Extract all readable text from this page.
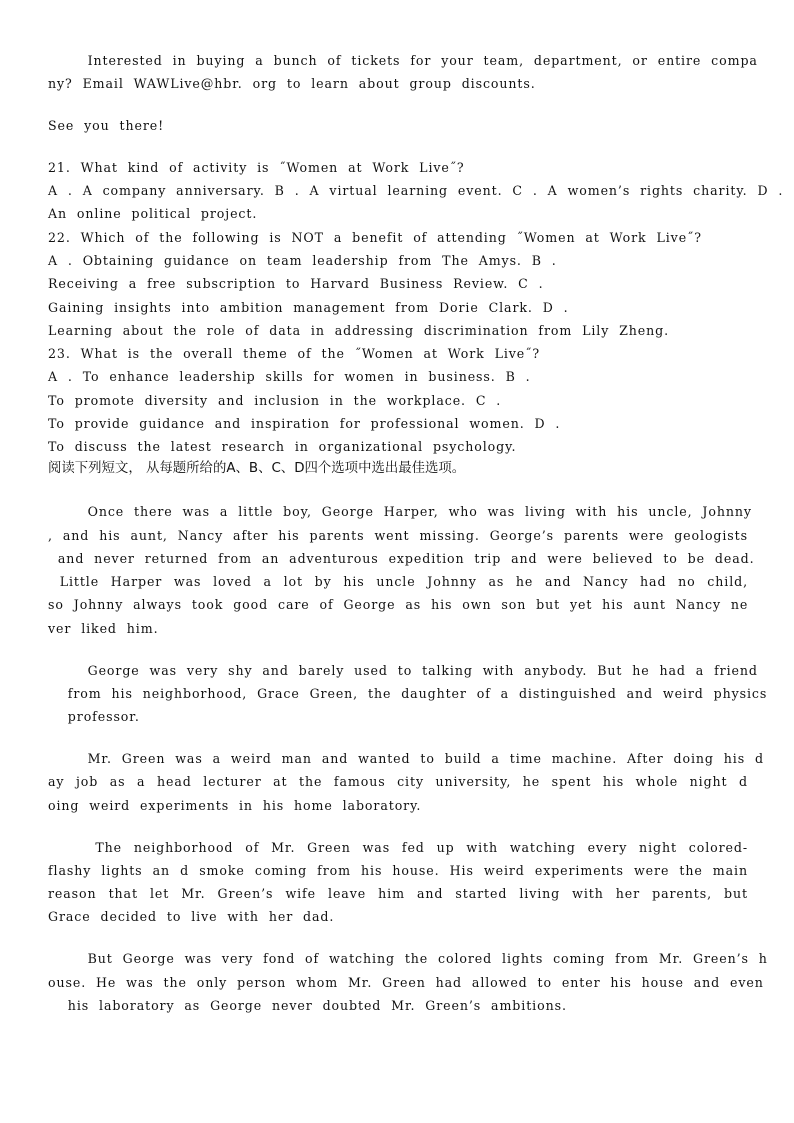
Interested in buying a bunch of tickets for your team, department, or entire compa
ny? Email WAWLive@hbr. org to learn about group discounts.
See you there!
21. What kind of activity is ˝Women at Work Live˝?
A . A company anniversary. B . A virtual learning event. C . A women’s rights charity. D .
An online political project.
22. Which of the following is NOT a benefit of attending ˝Women at Work Live˝?
A . Obtaining guidance on team leadership from The Amys. B .
Receiving a free subscription to Harvard Business Review. C .
Gaining insights into ambition management from Dorie Clark. D .
Learning about the role of data in addressing discrimination from Lily Zheng.
23. What is the overall theme of the ˝Women at Work Live˝?
A . To enhance leadership skills for women in business. B .
To promote diversity and inclusion in the workplace. C .
To provide guidance and inspiration for professional women. D .
To discuss the latest research in organizational psychology.
阅读下列短文， 从每题所给的A、B、C、D四个选项中选出最佳选项。
Once there was a little boy, George Harper, who was living with his uncle, Johnny
, and his aunt, Nancy after his parents went missing. George’s parents were geologists
and never returned from an adventurous expedition trip and were believed to be dead.
Little Harper was loved a lot by his uncle Johnny as he and Nancy had no child,
so Johnny always took good care of George as his own son but yet his aunt Nancy ne
ver liked him.
George was very shy and barely used to talking with anybody. But he had a friend
from his neighborhood, Grace Green, the daughter of a distinguished and weird physics
professor.
Mr. Green was a weird man and wanted to build a time machine. After doing his d
ay job as a head lecturer at the famous city university, he spent his whole night d
oing weird experiments in his home laboratory.
The neighborhood of Mr. Green was fed up with watching every night colored-
flashy lights an d smoke coming from his house. His weird experiments were the main
reason that let Mr. Green’s wife leave him and started living with her parents, but
Grace decided to live with her dad.
But George was very fond of watching the colored lights coming from Mr. Green’s h
ouse. He was the only person whom Mr. Green had allowed to enter his house and even
his laboratory as George never doubted Mr. Green’s ambitions.
